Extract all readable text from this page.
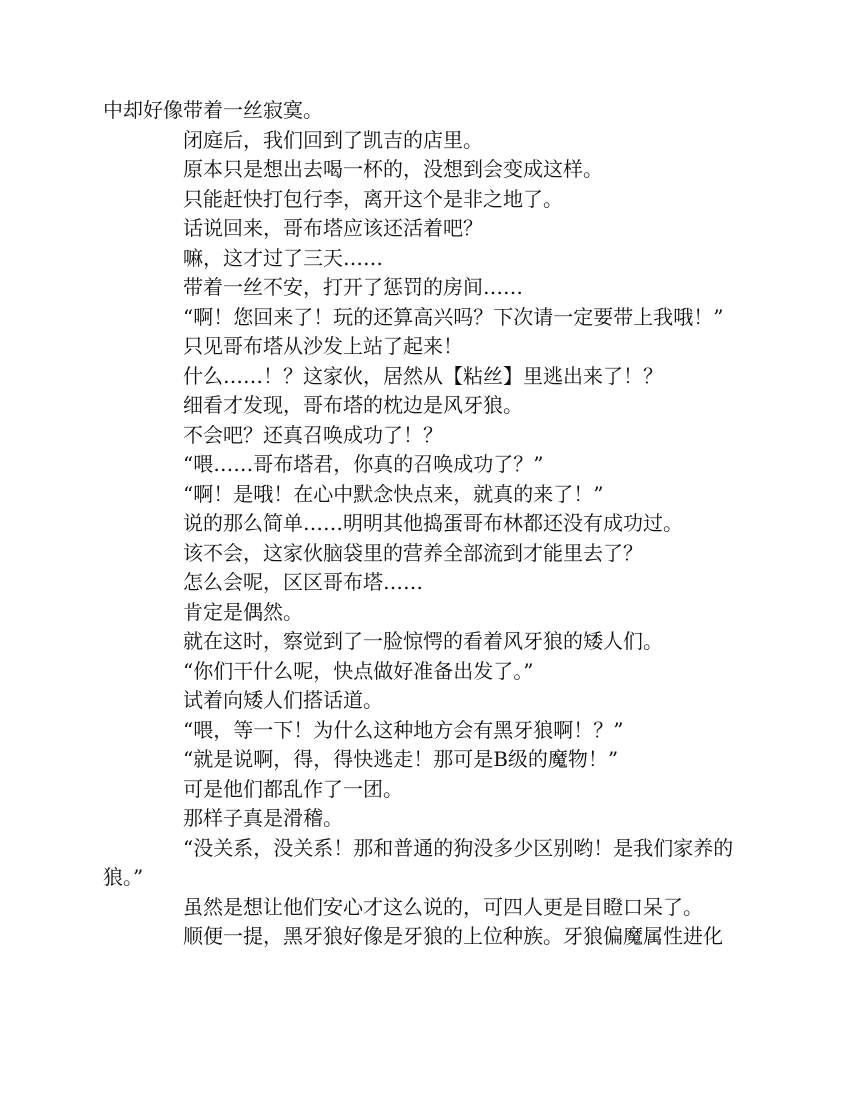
中却好像带着一丝寂寞。

闭庭后，我们回到了凯吉的店里。

原本只是想出去喝一杯的，没想到会变成这样。

只能赶快打包行李，离开这个是非之地了。

话说回来，哥布塔应该还活着吧？

嘛，这才过了三天……

带着一丝不安，打开了惩罚的房间……

“啊！您回来了！玩的还算高兴吗？下次请一定要带上我哦！”

只见哥布塔从沙发上站了起来！

什么……！？这家伙，居然从【粘丝】里逃出来了！？

细看才发现，哥布塔的枕边是风牙狼。

不会吧？还真召唤成功了！？

“喂……哥布塔君，你真的召唤成功了？”

“啊！是哦！在心中默念快点来，就真的来了！”

说的那么简单……明明其他捣蛋哥布林都还没有成功过。

该不会，这家伙脑袋里的营养全部流到才能里去了？

怎么会呢，区区哥布塔……

肯定是偶然。

就在这时，察觉到了一脸惊愕的看着风牙狼的矮人们。

“你们干什么呢，快点做好准备出发了。”

试着向矮人们搭话道。

“喂，等一下！为什么这种地方会有黑牙狼啊！？”

“就是说啊，得，得快逃走！那可是B级的魔物！”

可是他们都乱作了一团。

那样子真是滑稽。

“没关系，没关系！那和普通的狗没多少区别哟！是我们家养的狼。”

虽然是想让他们安心才这么说的，可四人更是目瞪口呆了。

顺便一提，黑牙狼好像是牙狼的上位种族。牙狼偏魔属性进化
